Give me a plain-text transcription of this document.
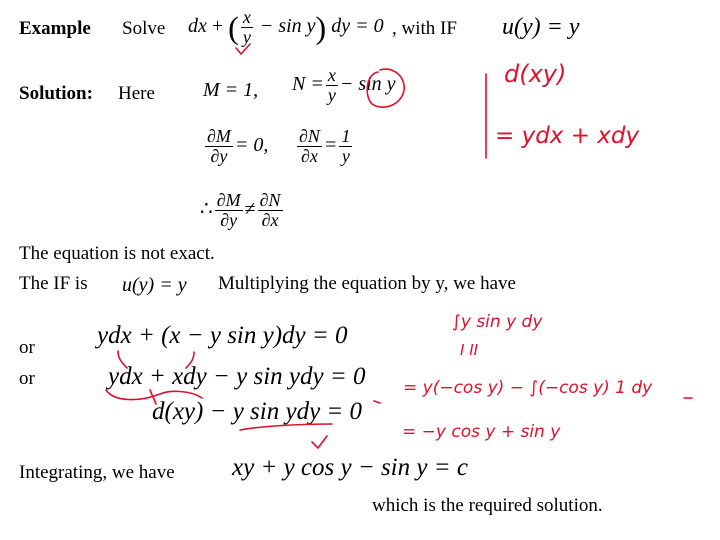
Example Solve dx + ( $\frac{x}{y} - \sin y$) dy = 0 , with IF u(y) = y
Solution: Here M = 1, $N = \frac{x}{y} - \sin y$
$\frac{\partial M}{\partial y} = 0$, $\frac{\partial N}{\partial x} = \frac{1}{y}$
∴ $\frac{\partial M}{\partial y} \ne \frac{\partial N}{\partial x}$
The equation is not exact.
The IF is u(y) = y Multiplying the equation by y, we have
ydx + (x − y sin y)dy = 0
or
or	ydx + xdy − y sin ydy = 0
d(xy) − y sin ydy = 0
Integrating, we have xy + y cos y − sin y = c
which is the required solution.
d(xy)
= ydx + xdy
∫y sin y dy
I II
= y(−cos y) − ∫(−cos y) 1 dy
= −y cos y + sin y
